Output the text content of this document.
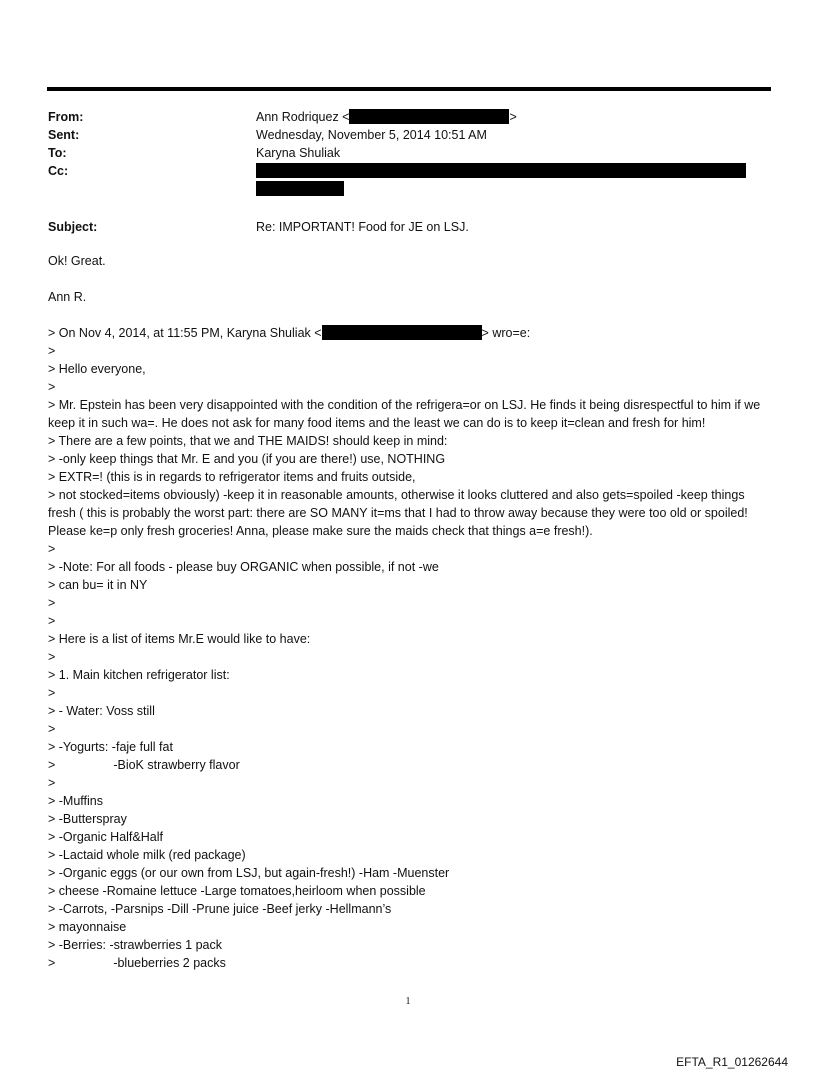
From:	Ann Rodriquez <	>
Sent:	Wednesday, November 5, 2014 10:51 AM
To:	Karyna Shuliak
Cc:
Subject:	Re: IMPORTANT! Food for JE on LSJ.
Ok! Great.
Ann R.
> On Nov 4, 2014, at 11:55 PM, Karyna Shuliak <	> wro=e:
>
> Hello everyone,
>
> Mr. Epstein has been very disappointed with the condition of the refrigera=or on LSJ. He finds it being disrespectful to him if we keep it in such wa=. He does not ask for many food items and the least we can do is to keep it=clean and fresh for him!
> There are a few points, that we and THE MAIDS! should keep in mind:
> -only keep things that Mr. E and you (if you are there!) use, NOTHING
> EXTR=! (this is in regards to refrigerator items and fruits outside,
> not stocked=items obviously) -keep it in reasonable amounts, otherwise it looks cluttered and also gets=spoiled -keep things fresh ( this is probably the worst part: there are SO MANY it=ms that I had to throw away because they were too old or spoiled! Please ke=p only fresh groceries! Anna, please make sure the maids check that things a=e fresh!).
>
> -Note: For all foods - please buy ORGANIC when possible, if not -we
> can bu= it in NY
>
>
> Here is a list of items Mr.E would like to have:
>
> 1. Main kitchen refrigerator list:
>
> - Water: Voss still
>
> -Yogurts: -faje full fat
>	-BioK strawberry flavor
>
> -Muffins
> -Butterspray
> -Organic Half&Half
> -Lactaid whole milk (red package)
> -Organic eggs (or our own from LSJ, but again-fresh!) -Ham -Muenster
> cheese -Romaine lettuce -Large tomatoes,heirloom when possible
> -Carrots, -Parsnips -Dill -Prune juice -Beef jerky -Hellmann’s
> mayonnaise
> -Berries: -strawberries 1 pack
>	-blueberries 2 packs
1
EFTA_R1_01262644
